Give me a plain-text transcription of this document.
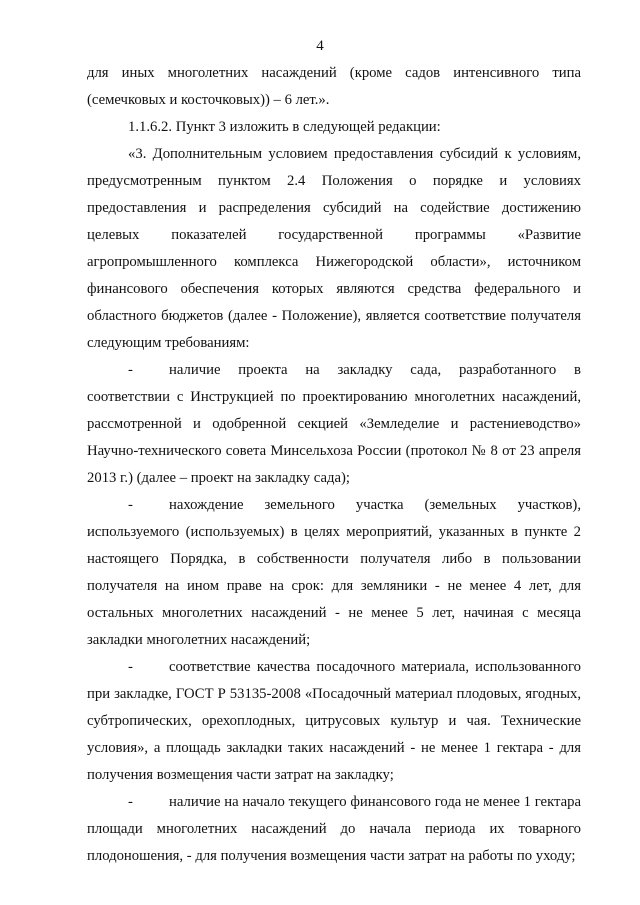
4

для иных многолетних насаждений (кроме садов интенсивного типа (семечковых и косточковых)) – 6 лет.».

1.1.6.2. Пункт 3 изложить в следующей редакции:

«3. Дополнительным условием предоставления субсидий к условиям, предусмотренным пунктом 2.4 Положения о порядке и условиях предоставления и распределения субсидий на содействие достижению целевых показателей государственной программы «Развитие агропромышленного комплекса Нижегородской области», источником финансового обеспечения которых являются средства федерального и областного бюджетов (далее - Положение), является соответствие получателя следующим требованиям:

- наличие проекта на закладку сада, разработанного в соответствии с Инструкцией по проектированию многолетних насаждений, рассмотренной и одобренной секцией «Земледелие и растениеводство» Научно-технического совета Минсельхоза России (протокол № 8 от 23 апреля 2013 г.) (далее – проект на закладку сада);

- нахождение земельного участка (земельных участков), используемого (используемых) в целях мероприятий, указанных в пункте 2 настоящего Порядка, в собственности получателя либо в пользовании получателя на ином праве на срок: для земляники - не менее 4 лет, для остальных многолетних насаждений - не менее 5 лет, начиная с месяца закладки многолетних насаждений;

- соответствие качества посадочного материала, использованного при закладке, ГОСТ Р 53135-2008 «Посадочный материал плодовых, ягодных, субтропических, орехоплодных, цитрусовых культур и чая. Технические условия», а площадь закладки таких насаждений - не менее 1 гектара - для получения возмещения части затрат на закладку;

- наличие на начало текущего финансового года не менее 1 гектара площади многолетних насаждений до начала периода их товарного плодоношения, - для получения возмещения части затрат на работы по уходу;
